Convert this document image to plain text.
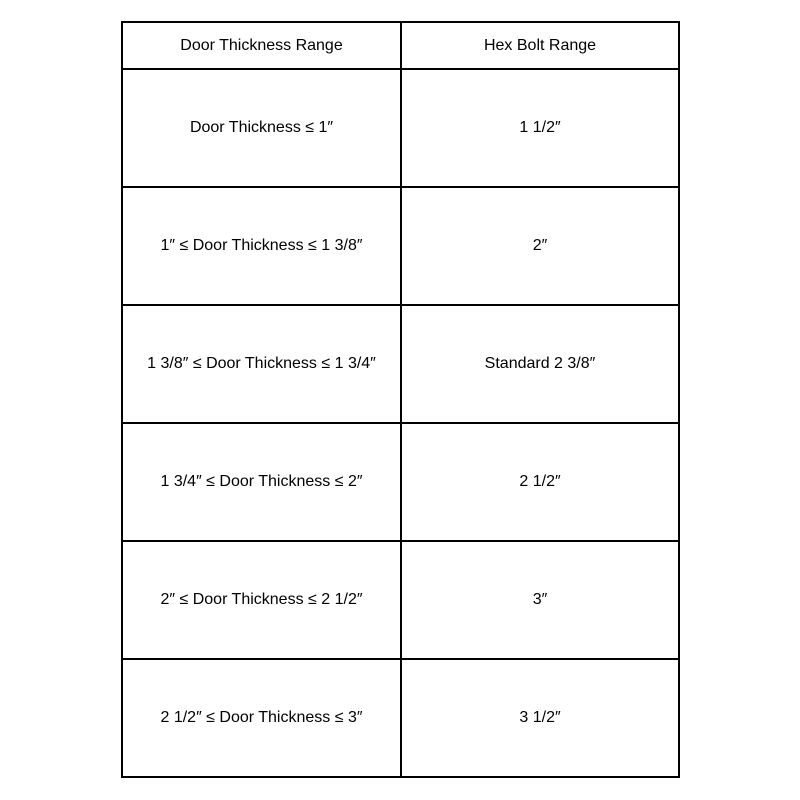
Door Thickness Range	Hex Bolt Range
Door Thickness ≤ 1″	1 1/2″
1″ ≤ Door Thickness ≤ 1 3/8″	2″
1 3/8″ ≤ Door Thickness ≤ 1 3/4″	Standard 2 3/8″
1 3/4″ ≤ Door Thickness ≤ 2″	2 1/2″
2″ ≤ Door Thickness ≤ 2 1/2″	3″
2 1/2″ ≤ Door Thickness ≤ 3″	3 1/2″
